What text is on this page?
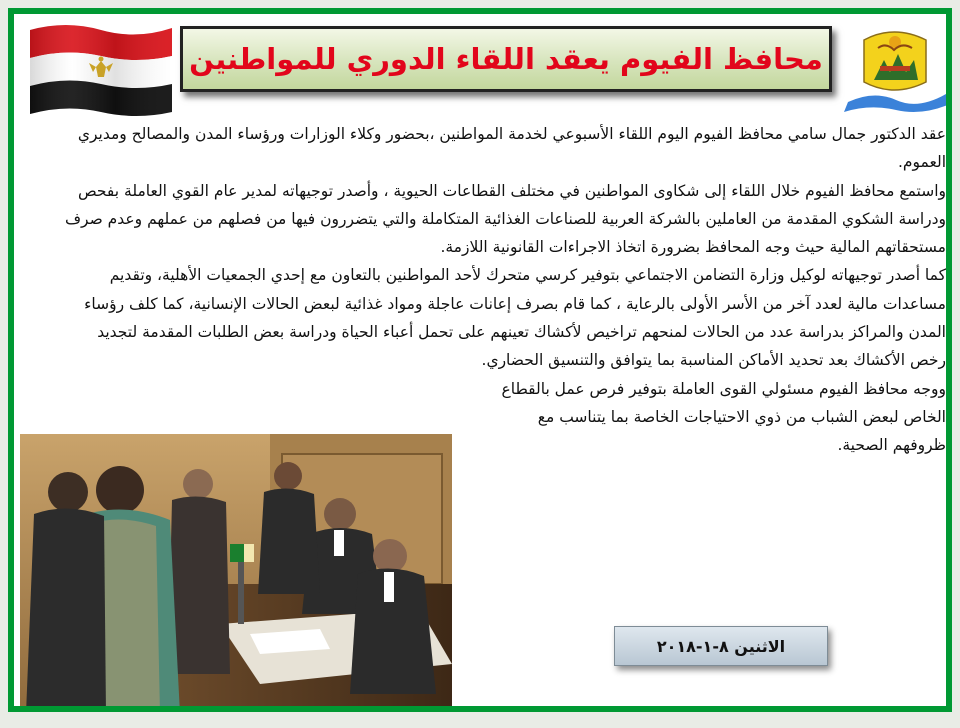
محافظ الفيوم يعقد اللقاء الدوري للمواطنين

عقد الدكتور جمال سامي محافظ الفيوم اليوم اللقاء الأسبوعي لخدمة المواطنين ،بحضور وكلاء الوزارات ورؤساء المدن والمصالح ومديري العموم.

واستمع محافظ الفيوم خلال اللقاء إلى شكاوى المواطنين في مختلف القطاعات الحيوية ، وأصدر توجيهاته لمدير عام القوي العاملة بفحص ودراسة الشكوي المقدمة من العاملين بالشركة العربية للصناعات الغذائية المتكاملة والتي يتضررون فيها من فصلهم من عملهم وعدم صرف مستحقاتهم المالية حيث وجه المحافظ بضرورة اتخاذ الاجراءات القانونية اللازمة.

كما أصدر توجيهاته لوكيل وزارة التضامن الاجتماعي بتوفير كرسي متحرك لأحد المواطنين بالتعاون مع إحدي الجمعيات الأهلية، وتقديم مساعدات مالية لعدد آخر من الأسر الأولى بالرعاية ، كما قام بصرف إعانات عاجلة ومواد غذائية لبعض الحالات الإنسانية، كما كلف رؤساء المدن والمراكز بدراسة عدد من الحالات لمنحهم تراخيص لأكشاك تعينهم على تحمل أعباء الحياة ودراسة بعض الطلبات المقدمة لتجديد رخص الأكشاك بعد تحديد الأماكن المناسبة بما يتوافق والتنسيق الحضاري.

ووجه محافظ الفيوم مسئولي القوى العاملة بتوفير فرص عمل بالقطاع الخاص لبعض الشباب من ذوي الاحتياجات الخاصة بما يتناسب مع ظروفهم الصحية.

الاثنين ٨-١-٢٠١٨
